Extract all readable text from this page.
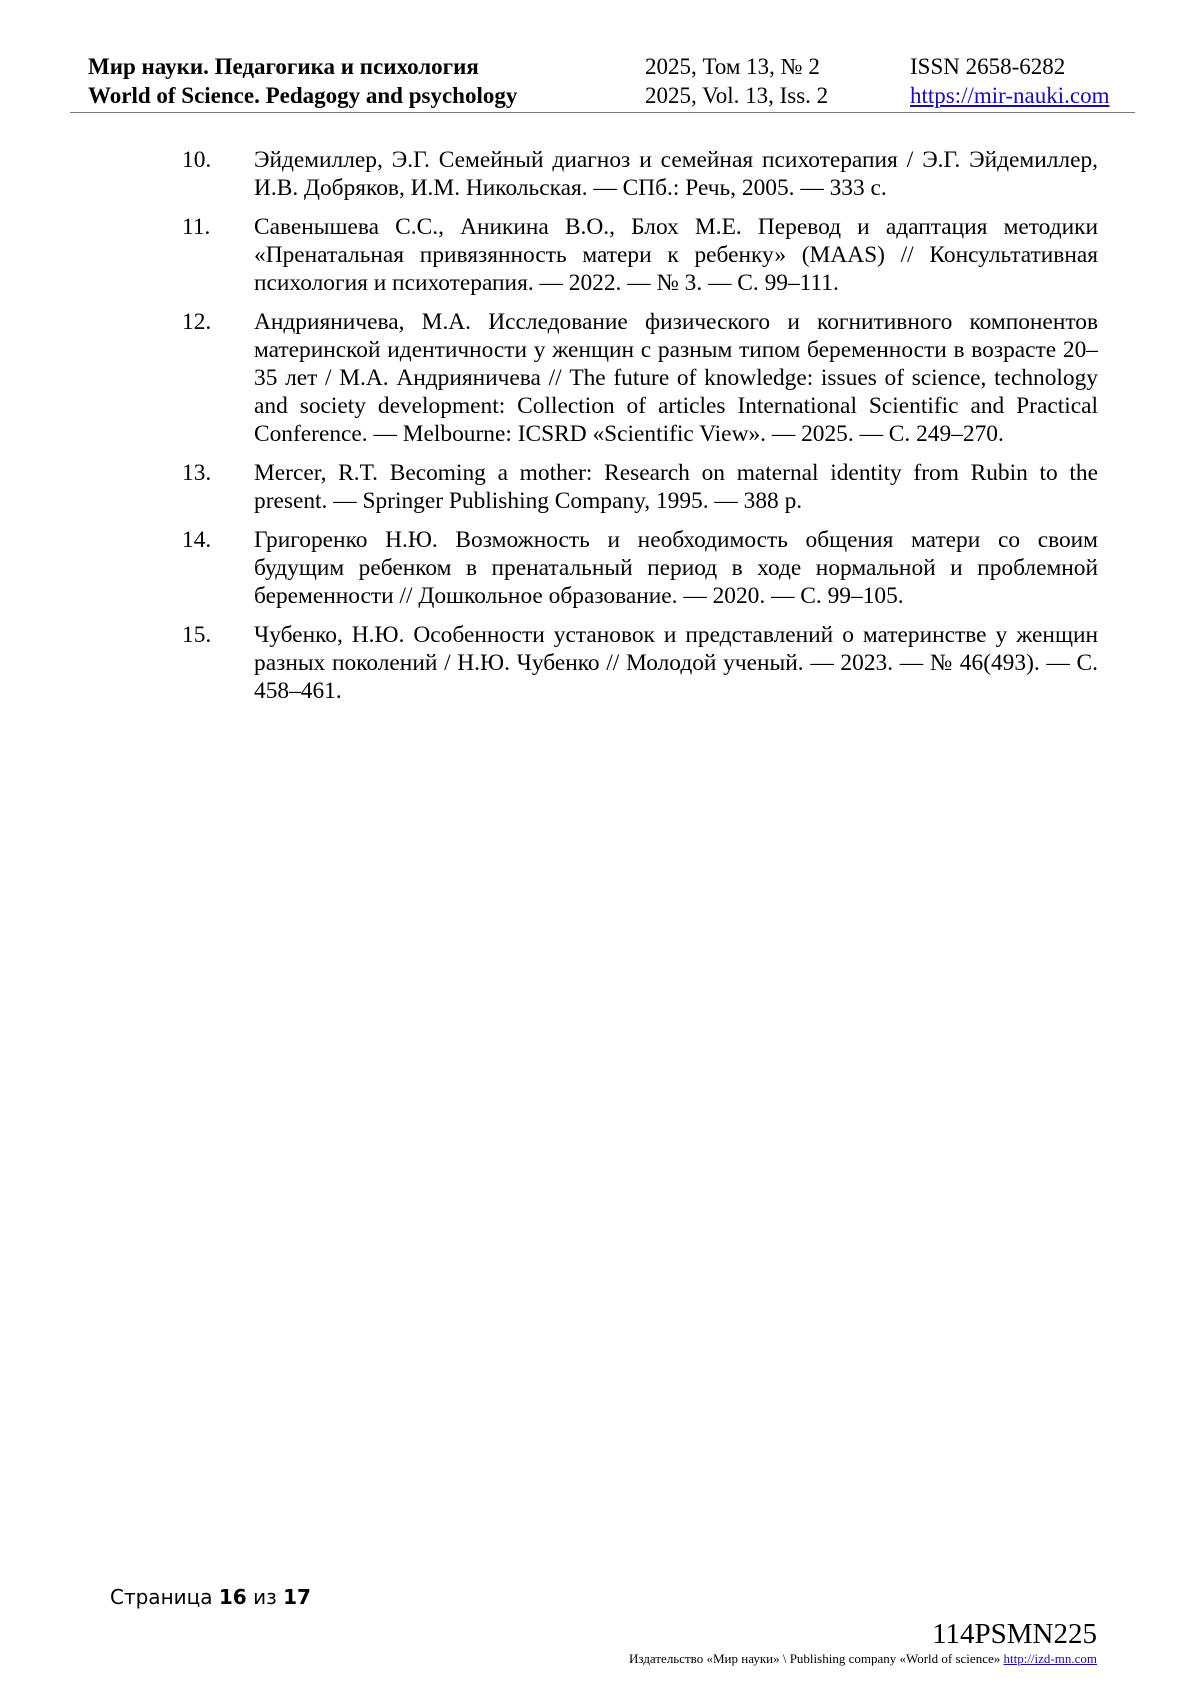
Мир науки. Педагогика и психология
World of Science. Pedagogy and psychology
2025, Том 13, № 2
2025, Vol. 13, Iss. 2
ISSN 2658-6282
https://mir-nauki.com
10. Эйдемиллер, Э.Г. Семейный диагноз и семейная психотерапия / Э.Г. Эйдемиллер, И.В. Добряков, И.М. Никольская. — СПб.: Речь, 2005. — 333 с.
11. Савенышева С.С., Аникина В.О., Блох М.Е. Перевод и адаптация методики «Пренатальная привязянность матери к ребенку» (MAAS) // Консультативная психология и психотерапия. — 2022. — № 3. — С. 99–111.
12. Андрияничева, М.А. Исследование физического и когнитивного компонентов материнской идентичности у женщин с разным типом беременности в возрасте 20–35 лет / М.А. Андрияничева // The future of knowledge: issues of science, technology and society development: Collection of articles International Scientific and Practical Conference. — Melbourne: ICSRD «Scientific View». — 2025. — С. 249–270.
13. Mercer, R.T. Becoming a mother: Research on maternal identity from Rubin to the present. — Springer Publishing Company, 1995. — 388 p.
14. Григоренко Н.Ю. Возможность и необходимость общения матери со своим будущим ребенком в пренатальный период в ходе нормальной и проблемной беременности // Дошкольное образование. — 2020. — С. 99–105.
15. Чубенко, Н.Ю. Особенности установок и представлений о материнстве у женщин разных поколений / Н.Ю. Чубенко // Молодой ученый. — 2023. — № 46(493). — С. 458–461.
Страница 16 из 17
114PSMN225
Издательство «Мир науки» \ Publishing company «World of science» http://izd-mn.com
